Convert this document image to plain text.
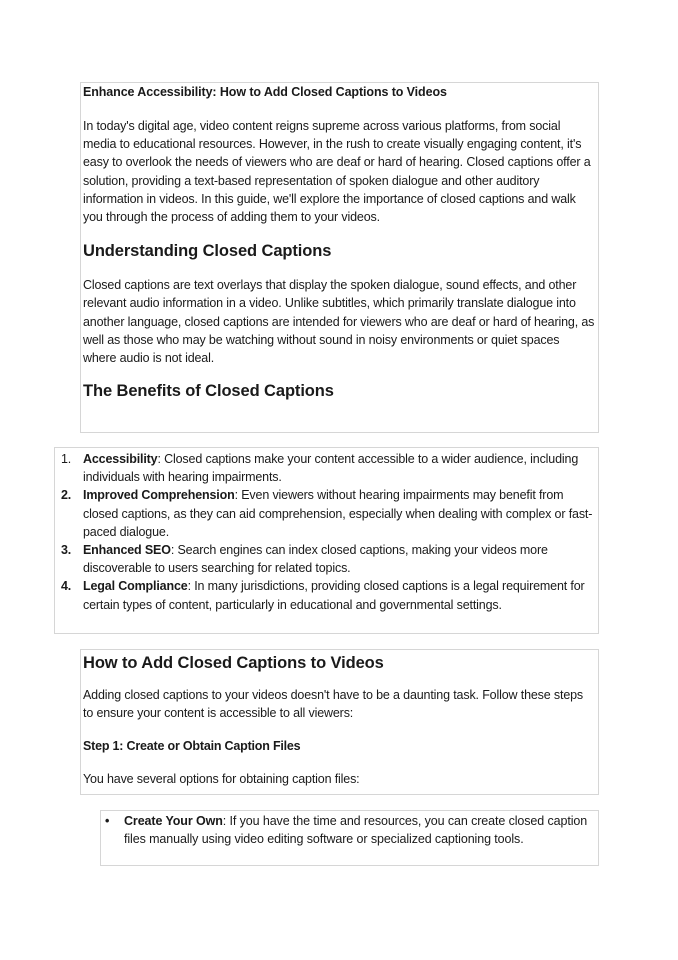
Enhance Accessibility: How to Add Closed Captions to Videos

In today's digital age, video content reigns supreme across various platforms, from social media to educational resources. However, in the rush to create visually engaging content, it's easy to overlook the needs of viewers who are deaf or hard of hearing. Closed captions offer a solution, providing a text-based representation of spoken dialogue and other auditory information in videos. In this guide, we'll explore the importance of closed captions and walk you through the process of adding them to your videos.

Understanding Closed Captions

Closed captions are text overlays that display the spoken dialogue, sound effects, and other relevant audio information in a video. Unlike subtitles, which primarily translate dialogue into another language, closed captions are intended for viewers who are deaf or hard of hearing, as well as those who may be watching without sound in noisy environments or quiet spaces where audio is not ideal.

The Benefits of Closed Captions
1. Accessibility: Closed captions make your content accessible to a wider audience, including individuals with hearing impairments.
2. Improved Comprehension: Even viewers without hearing impairments may benefit from closed captions, as they can aid comprehension, especially when dealing with complex or fast-paced dialogue.
3. Enhanced SEO: Search engines can index closed captions, making your videos more discoverable to users searching for related topics.
4. Legal Compliance: In many jurisdictions, providing closed captions is a legal requirement for certain types of content, particularly in educational and governmental settings.
How to Add Closed Captions to Videos

Adding closed captions to your videos doesn't have to be a daunting task. Follow these steps to ensure your content is accessible to all viewers:

Step 1: Create or Obtain Caption Files

You have several options for obtaining caption files:

• Create Your Own: If you have the time and resources, you can create closed caption files manually using video editing software or specialized captioning tools.
